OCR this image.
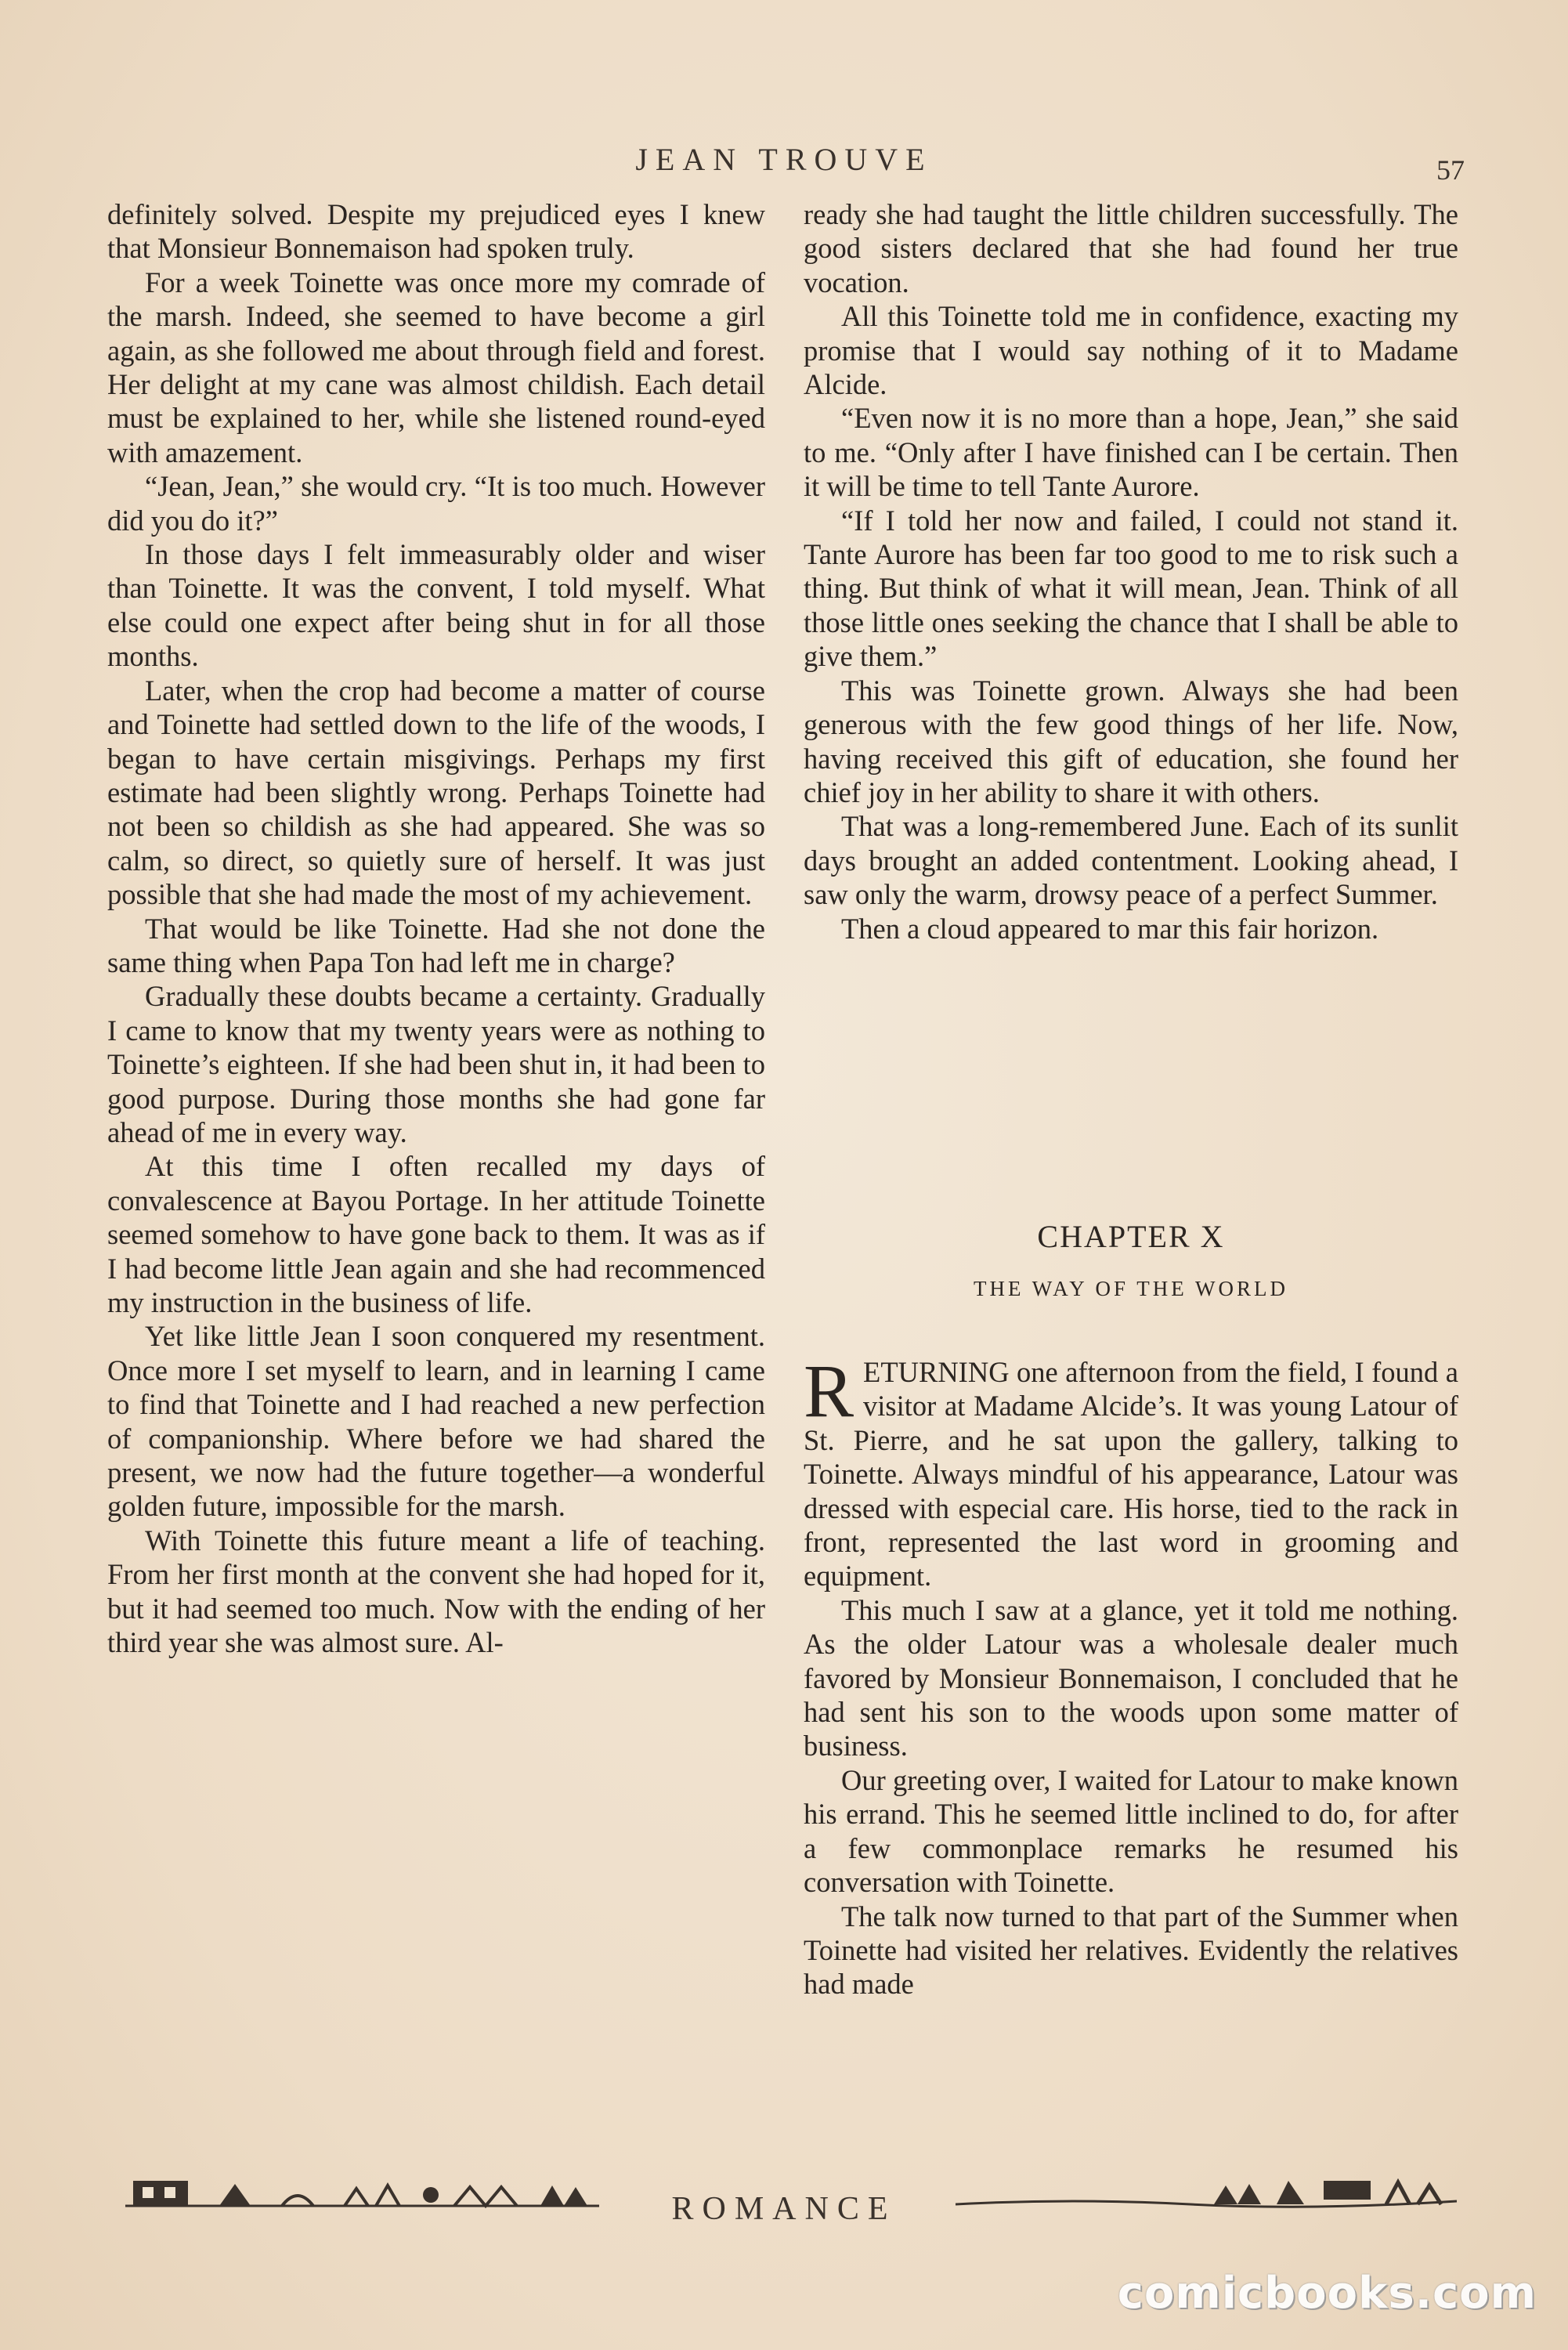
JEAN TROUVE	57

definitely solved. Despite my prejudiced eyes I knew that Monsieur Bonnemaison had spoken truly.

For a week Toinette was once more my comrade of the marsh. Indeed, she seemed to have become a girl again, as she followed me about through field and forest. Her delight at my cane was almost childish. Each detail must be explained to her, while she listened round-eyed with amazement.

“Jean, Jean,” she would cry. “It is too much. However did you do it?”

In those days I felt immeasurably older and wiser than Toinette. It was the convent, I told myself. What else could one expect after being shut in for all those months.

Later, when the crop had become a matter of course and Toinette had settled down to the life of the woods, I began to have certain misgivings. Perhaps my first estimate had been slightly wrong. Perhaps Toinette had not been so childish as she had appeared. She was so calm, so direct, so quietly sure of herself. It was just possible that she had made the most of my achievement.

That would be like Toinette. Had she not done the same thing when Papa Ton had left me in charge?

Gradually these doubts became a certainty. Gradually I came to know that my twenty years were as nothing to Toinette’s eighteen. If she had been shut in, it had been to good purpose. During those months she had gone far ahead of me in every way.

At this time I often recalled my days of convalescence at Bayou Portage. In her attitude Toinette seemed somehow to have gone back to them. It was as if I had become little Jean again and she had recommenced my instruction in the business of life.

Yet like little Jean I soon conquered my resentment. Once more I set myself to learn, and in learning I came to find that Toinette and I had reached a new perfection of companionship. Where before we had shared the present, we now had the future together—a wonderful golden future, impossible for the marsh.

With Toinette this future meant a life of teaching. From her first month at the convent she had hoped for it, but it had seemed too much. Now with the ending of her third year she was almost sure. Al-

ready she had taught the little children successfully. The good sisters declared that she had found her true vocation.

All this Toinette told me in confidence, exacting my promise that I would say nothing of it to Madame Alcide.

“Even now it is no more than a hope, Jean,” she said to me. “Only after I have finished can I be certain. Then it will be time to tell Tante Aurore.

“If I told her now and failed, I could not stand it. Tante Aurore has been far too good to me to risk such a thing. But think of what it will mean, Jean. Think of all those little ones seeking the chance that I shall be able to give them.”

This was Toinette grown. Always she had been generous with the few good things of her life. Now, having received this gift of education, she found her chief joy in her ability to share it with others.

That was a long-remembered June. Each of its sunlit days brought an added contentment. Looking ahead, I saw only the warm, drowsy peace of a perfect Summer.

Then a cloud appeared to mar this fair horizon.

CHAPTER X

THE WAY OF THE WORLD

RETURNING one afternoon from the field, I found a visitor at Madame Alcide’s. It was young Latour of St. Pierre, and he sat upon the gallery, talking to Toinette. Always mindful of his appearance, Latour was dressed with especial care. His horse, tied to the rack in front, represented the last word in grooming and equipment.

This much I saw at a glance, yet it told me nothing. As the older Latour was a wholesale dealer much favored by Monsieur Bonnemaison, I concluded that he had sent his son to the woods upon some matter of business.

Our greeting over, I waited for Latour to make known his errand. This he seemed little inclined to do, for after a few commonplace remarks he resumed his conversation with Toinette.

The talk now turned to that part of the Summer when Toinette had visited her relatives. Evidently the relatives had made

ROMANCE
comicbooks.com
